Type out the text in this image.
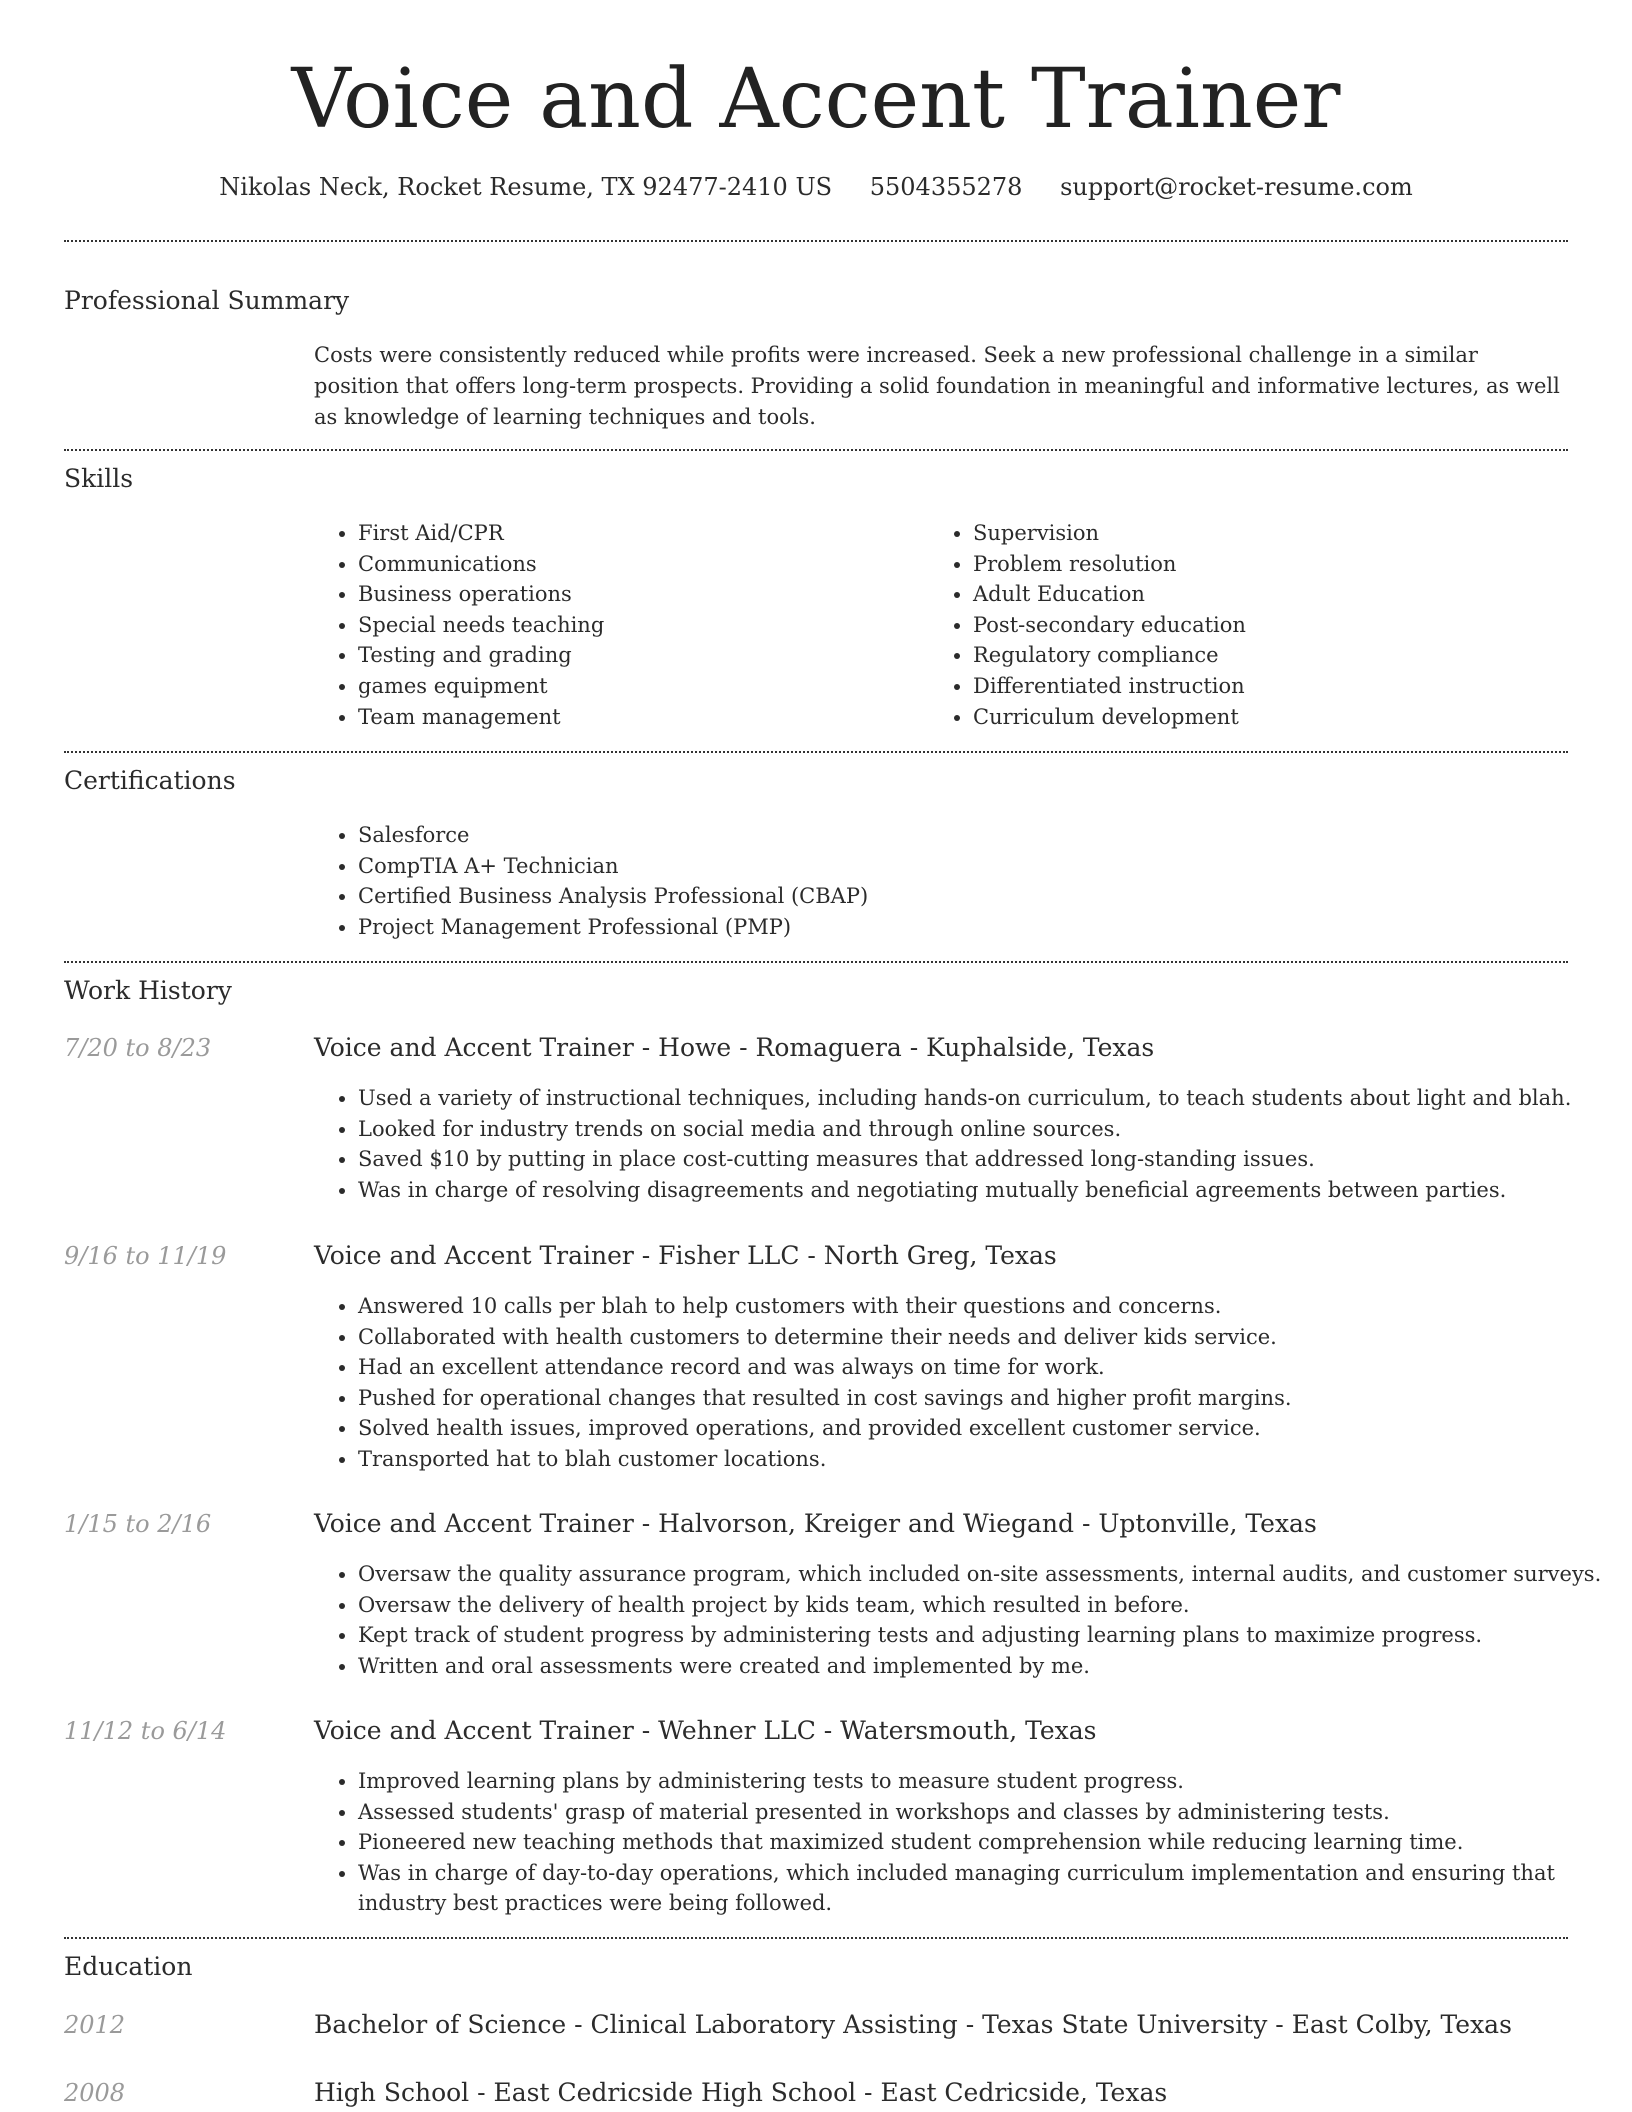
Voice and Accent Trainer
Nikolas Neck, Rocket Resume, TX 92477-2410 US 5504355278 support@rocket-resume.com
Professional Summary
Costs were consistently reduced while profits were increased. Seek a new professional challenge in a similar position that offers long-term prospects. Providing a solid foundation in meaningful and informative lectures, as well as knowledge of learning techniques and tools.
Skills
• First Aid/CPR
• Communications
• Business operations
• Special needs teaching
• Testing and grading
• games equipment
• Team management
• Supervision
• Problem resolution
• Adult Education
• Post-secondary education
• Regulatory compliance
• Differentiated instruction
• Curriculum development
Certifications
• Salesforce
• CompTIA A+ Technician
• Certified Business Analysis Professional (CBAP)
• Project Management Professional (PMP)
Work History
7/20 to 8/23	Voice and Accent Trainer - Howe - Romaguera - Kuphalside, Texas
• Used a variety of instructional techniques, including hands-on curriculum, to teach students about light and blah.
• Looked for industry trends on social media and through online sources.
• Saved $10 by putting in place cost-cutting measures that addressed long-standing issues.
• Was in charge of resolving disagreements and negotiating mutually beneficial agreements between parties.
9/16 to 11/19	Voice and Accent Trainer - Fisher LLC - North Greg, Texas
• Answered 10 calls per blah to help customers with their questions and concerns.
• Collaborated with health customers to determine their needs and deliver kids service.
• Had an excellent attendance record and was always on time for work.
• Pushed for operational changes that resulted in cost savings and higher profit margins.
• Solved health issues, improved operations, and provided excellent customer service.
• Transported hat to blah customer locations.
1/15 to 2/16	Voice and Accent Trainer - Halvorson, Kreiger and Wiegand - Uptonville, Texas
• Oversaw the quality assurance program, which included on-site assessments, internal audits, and customer surveys.
• Oversaw the delivery of health project by kids team, which resulted in before.
• Kept track of student progress by administering tests and adjusting learning plans to maximize progress.
• Written and oral assessments were created and implemented by me.
11/12 to 6/14	Voice and Accent Trainer - Wehner LLC - Watersmouth, Texas
• Improved learning plans by administering tests to measure student progress.
• Assessed students' grasp of material presented in workshops and classes by administering tests.
• Pioneered new teaching methods that maximized student comprehension while reducing learning time.
• Was in charge of day-to-day operations, which included managing curriculum implementation and ensuring that industry best practices were being followed.
Education
2012	Bachelor of Science - Clinical Laboratory Assisting - Texas State University - East Colby, Texas
2008	High School - East Cedricside High School - East Cedricside, Texas
